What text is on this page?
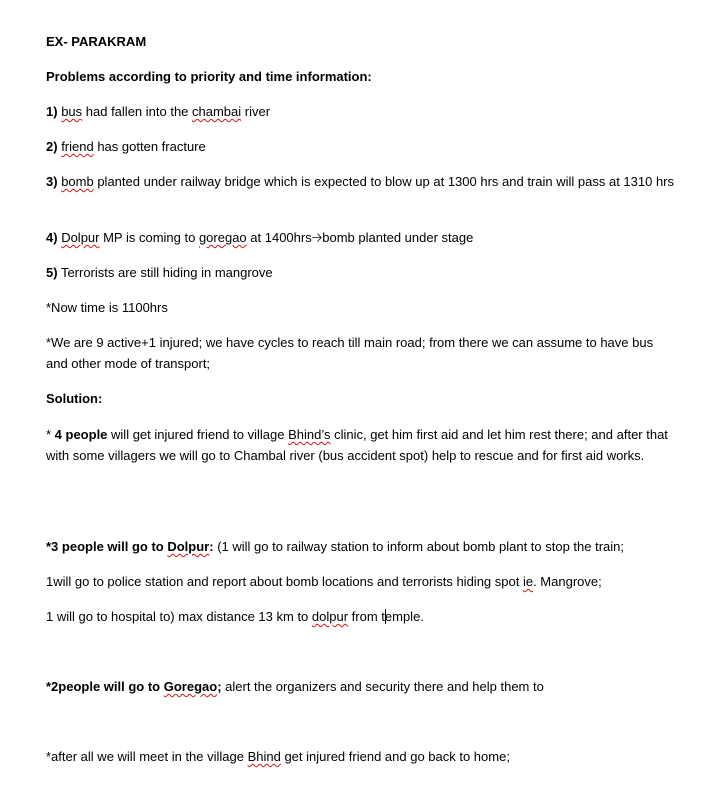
EX- PARAKRAM
Problems according to priority and time information:
1) bus had fallen into the chambai river
2) friend has gotten fracture
3) bomb planted under railway bridge which is expected to blow up at 1300 hrs and train will pass at 1310 hrs
4) Dolpur MP is coming to goregao at 1400hrs🡢bomb planted under stage
5) Terrorists are still hiding in mangrove
*Now time is 1100hrs
*We are 9 active+1 injured; we have cycles to reach till main road; from there we can assume to have bus and other mode of transport;
Solution:
* 4 people will get injured friend to village Bhind’s clinic, get him first aid and let him rest there; and after that with some villagers we will go to Chambal river (bus accident spot) help to rescue and for first aid works.
*3 people will go to Dolpur: (1 will go to railway station to inform about bomb plant to stop the train;
1will go to police station and report about bomb locations and terrorists hiding spot ie. Mangrove;
1 will go to hospital to) max distance 13 km to dolpur from temple.
*2people will go to Goregao; alert the organizers and security there and help them to
*after all we will meet in the village Bhind get injured friend and go back to home;
